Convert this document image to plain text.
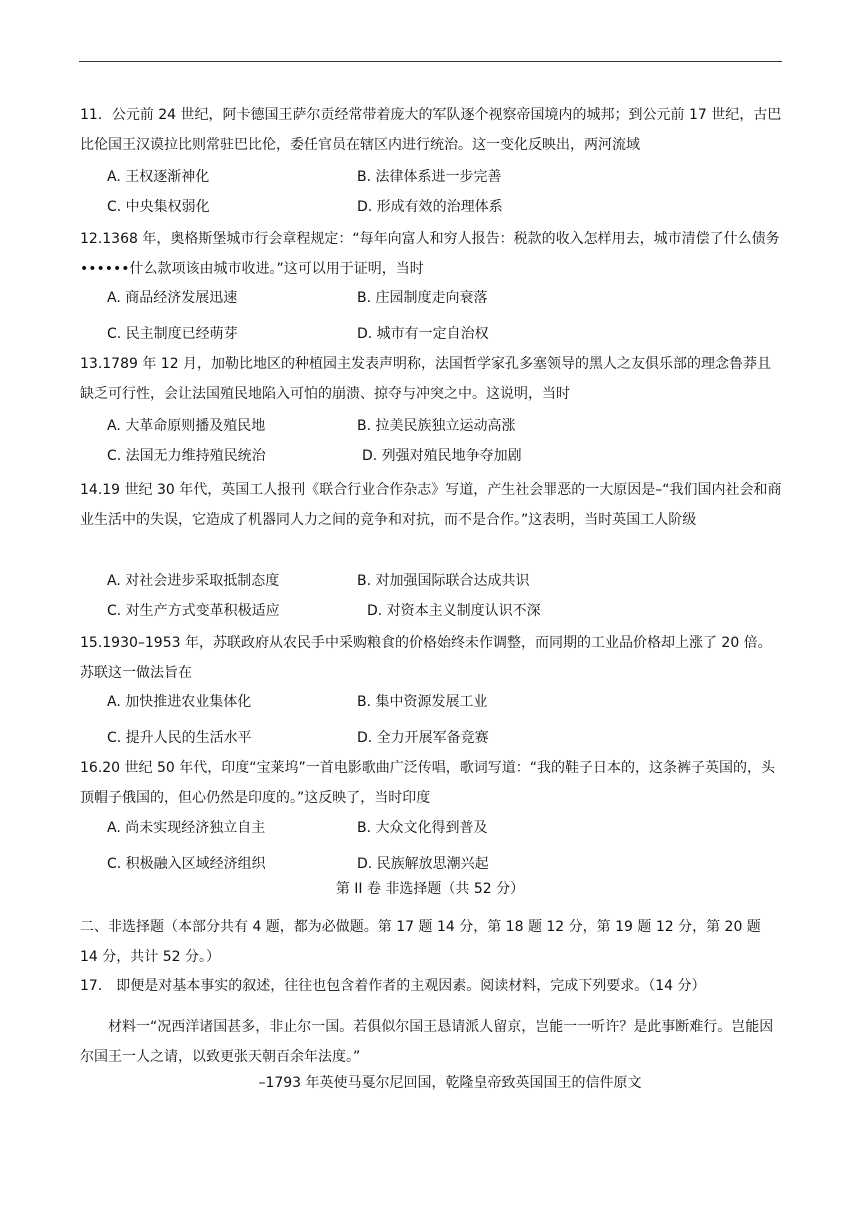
11．公元前 24 世纪，阿卡德国王萨尔贡经常带着庞大的军队逐个视察帝国境内的城邦；到公元前 17 世纪，古巴比伦国王汉谟拉比则常驻巴比伦，委任官员在辖区内进行统治。这一变化反映出，两河流域

A. 王权逐渐神化	B. 法律体系进一步完善
C. 中央集权弱化	D. 形成有效的治理体系

12.1368 年，奥格斯堡城市行会章程规定：“每年向富人和穷人报告：税款的收入怎样用去，城市清偿了什么债务••••••什么款项该由城市收进。”这可以用于证明，当时

A. 商品经济发展迅速	B. 庄园制度走向衰落
C. 民主制度已经萌芽	D. 城市有一定自治权

13.1789 年 12 月，加勒比地区的种植园主发表声明称，法国哲学家孔多塞领导的黑人之友俱乐部的理念鲁莽且缺乏可行性，会让法国殖民地陷入可怕的崩溃、掠夺与冲突之中。这说明，当时

A. 大革命原则播及殖民地	B. 拉美民族独立运动高涨
C. 法国无力维持殖民统治	D. 列强对殖民地争夺加剧

14.19 世纪 30 年代，英国工人报刊《联合行业合作杂志》写道，产生社会罪恶的一大原因是–“我们国内社会和商业生活中的失误，它造成了机器同人力之间的竞争和对抗，而不是合作。”这表明，当时英国工人阶级

A. 对社会进步采取抵制态度	B. 对加强国际联合达成共识
C. 对生产方式变革积极适应	D. 对资本主义制度认识不深

15.1930–1953 年，苏联政府从农民手中采购粮食的价格始终未作调整，而同期的工业品价格却上涨了 20 倍。苏联这一做法旨在

A. 加快推进农业集体化	B. 集中资源发展工业
C. 提升人民的生活水平	D. 全力开展军备竞赛

16.20 世纪 50 年代，印度“宝莱坞”一首电影歌曲广泛传唱，歌词写道：“我的鞋子日本的，这条裤子英国的，头顶帽子俄国的，但心仍然是印度的。”这反映了，当时印度

A. 尚未实现经济独立自主	B. 大众文化得到普及
C. 积极融入区域经济组织	D. 民族解放思潮兴起
第 II 卷 非选择题（共 52 分）

二、非选择题（本部分共有 4 题，都为必做题。第 17 题 14 分，第 18 题 12 分，第 19 题 12 分，第 20 题 14 分，共计 52 分。）

17． 即便是对基本事实的叙述，往往也包含着作者的主观因素。阅读材料，完成下列要求。（14 分）

材料一“况西洋诸国甚多，非止尔一国。若俱似尔国王恳请派人留京，岂能一一听许？是此事断难行。岂能因尔国王一人之请，以致更张天朝百余年法度。”

–1793 年英使马戛尔尼回国，乾隆皇帝致英国国王的信件原文
